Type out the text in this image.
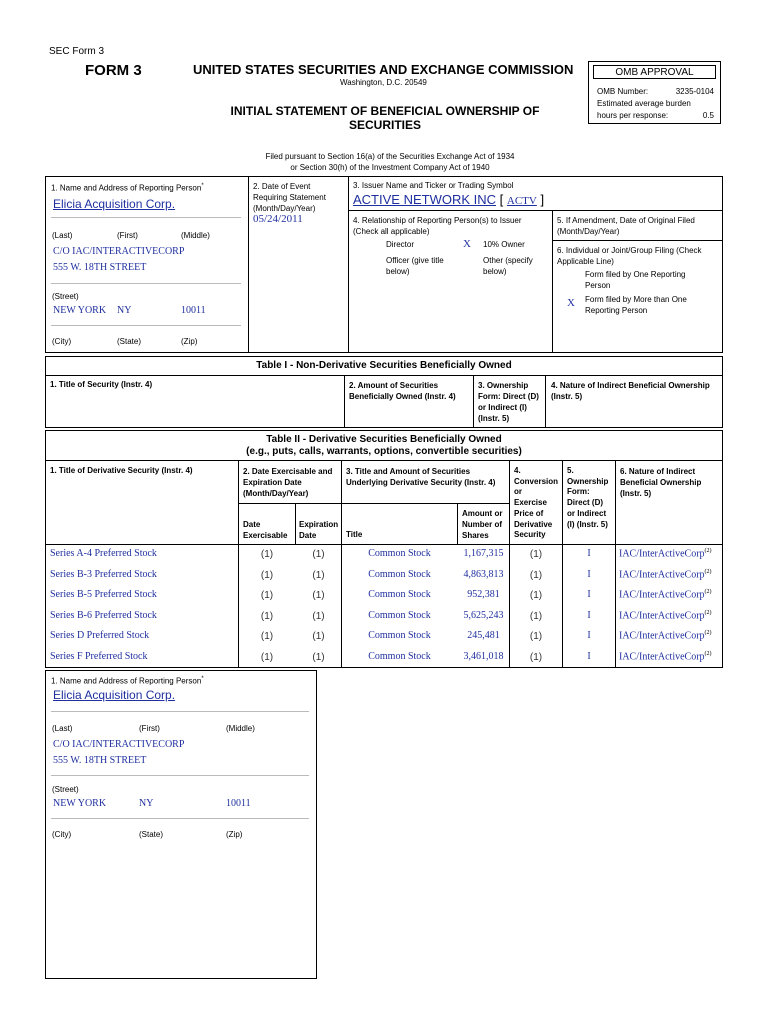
SEC Form 3
FORM 3	UNITED STATES SECURITIES AND EXCHANGE COMMISSION
Washington, D.C. 20549
INITIAL STATEMENT OF BENEFICIAL OWNERSHIP OF
SECURITIES
Filed pursuant to Section 16(a) of the Securities Exchange Act of 1934
or Section 30(h) of the Investment Company Act of 1940
OMB APPROVAL
OMB Number:	3235-0104
Estimated average burden
hours per response:	0.5
1. Name and Address of Reporting Person*
Elicia Acquisition Corp.
(Last)	(First)	(Middle)
C/O IAC/INTERACTIVECORP
555 W. 18TH STREET
(Street)
NEW YORK NY	10011
(City)	(State)	(Zip)
2. Date of Event
Requiring Statement
(Month/Day/Year)
05/24/2011
3. Issuer Name and Ticker or Trading Symbol
ACTIVE NETWORK INC [ ACTV ]
4. Relationship of Reporting Person(s) to Issuer
(Check all applicable)
Director	X 10% Owner
Officer (give title
below)
Other (specify
below)
5. If Amendment, Date of Original Filed
(Month/Day/Year)
6. Individual or Joint/Group Filing (Check
Applicable Line)
Form filed by One Reporting
Person
X Form filed by More than One
Reporting Person
Table I - Non-Derivative Securities Beneficially Owned
1. Title of Security (Instr. 4)	2. Amount of Securities
Beneficially Owned (Instr. 4)
3. Ownership
Form: Direct (D)
or Indirect (I)
(Instr. 5)
4. Nature of Indirect Beneficial Ownership
(Instr. 5)
Table II - Derivative Securities Beneficially Owned
(e.g., puts, calls, warrants, options, convertible securities)
1. Title of Derivative Security (Instr. 4)	2. Date Exercisable and
Expiration Date
(Month/Day/Year)
Date
Exercisable
Expiration
Date
3. Title and Amount of Securities
Underlying Derivative Security (Instr. 4)
Title
Amount or
Number of
Shares
4.
Conversion
or
Exercise
Price of
Derivative
Security
5.
Ownership
Form:
Direct (D)
or Indirect
(I) (Instr. 5)
6. Nature of Indirect
Beneficial Ownership
(Instr. 5)
Series A-4 Preferred Stock	(1)	(1)	Common Stock	1,167,315	(1)	I	IAC/InterActiveCorp$^{(2)}$
Series B-3 Preferred Stock	(1)	(1)	Common Stock	4,863,813	(1)	I	IAC/InterActiveCorp$^{(2)}$
Series B-5 Preferred Stock	(1)	(1)	Common Stock	952,381	(1)	I	IAC/InterActiveCorp$^{(2)}$
Series B-6 Preferred Stock	(1)	(1)	Common Stock	5,625,243	(1)	I	IAC/InterActiveCorp$^{(2)}$
Series D Preferred Stock	(1)	(1)	Common Stock	245,481	(1)	I	IAC/InterActiveCorp$^{(2)}$
Series F Preferred Stock	(1)	(1)	Common Stock	3,461,018	(1)	I	IAC/InterActiveCorp$^{(2)}$
1. Name and Address of Reporting Person*
Elicia Acquisition Corp.
(Last)	(First)	(Middle)
C/O IAC/INTERACTIVECORP
555 W. 18TH STREET
(Street)
NEW YORK	NY	10011
(City)	(State)	(Zip)
